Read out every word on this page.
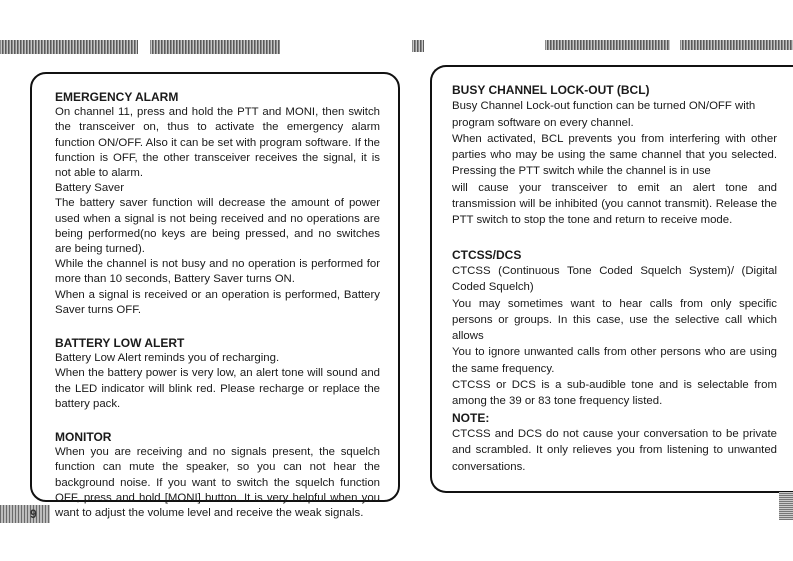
EMERGENCY ALARM

On channel 11, press and hold the PTT and MONI, then switch the transceiver on, thus to activate the emergency alarm function ON/OFF. Also it can be set with program software. If the function is OFF, the other transceiver receives the signal, it is not able to alarm.

Battery Saver

The battery saver function will decrease the amount of power used when a signal is not being received and no operations are being performed(no keys are being pressed, and no switches are being turned).

While the channel is not busy and no operation is performed for more than 10 seconds, Battery Saver turns ON.

When a signal is received or an operation is performed, Battery Saver turns OFF.

BATTERY LOW ALERT

Battery Low Alert reminds you of recharging.

When the battery power is very low, an alert tone will sound and the LED indicator will blink red. Please recharge or replace the battery pack.

MONITOR

When you are receiving and no signals present, the squelch function can mute the speaker, so you can not hear the background noise. If you want to switch the squelch function OFF, press and hold [MONI] button. It is very helpful when you want to adjust the volume level and receive the weak signals.

BUSY CHANNEL LOCK-OUT (BCL)

Busy Channel Lock-out function can be turned ON/OFF with program software on every channel.

When activated, BCL prevents you from interfering with other parties who may be using the same channel that you selected. Pressing the PTT switch while the channel is in use

will cause your transceiver to emit an alert tone and transmission will be inhibited (you cannot transmit). Release the PTT switch to stop the tone and return to receive mode.

CTCSS/DCS

CTCSS (Continuous Tone Coded Squelch System)/ (Digital Coded Squelch)

You may sometimes want to hear calls from only specific persons or groups. In this case, use the selective call which allows

You to ignore unwanted calls from other persons who are using the same frequency.

CTCSS or DCS is a sub-audible tone and is selectable from among the 39 or 83 tone frequency listed.

NOTE:

CTCSS and DCS do not cause your conversation to be private and scrambled. It only relieves you from listening to unwanted conversations.

9
